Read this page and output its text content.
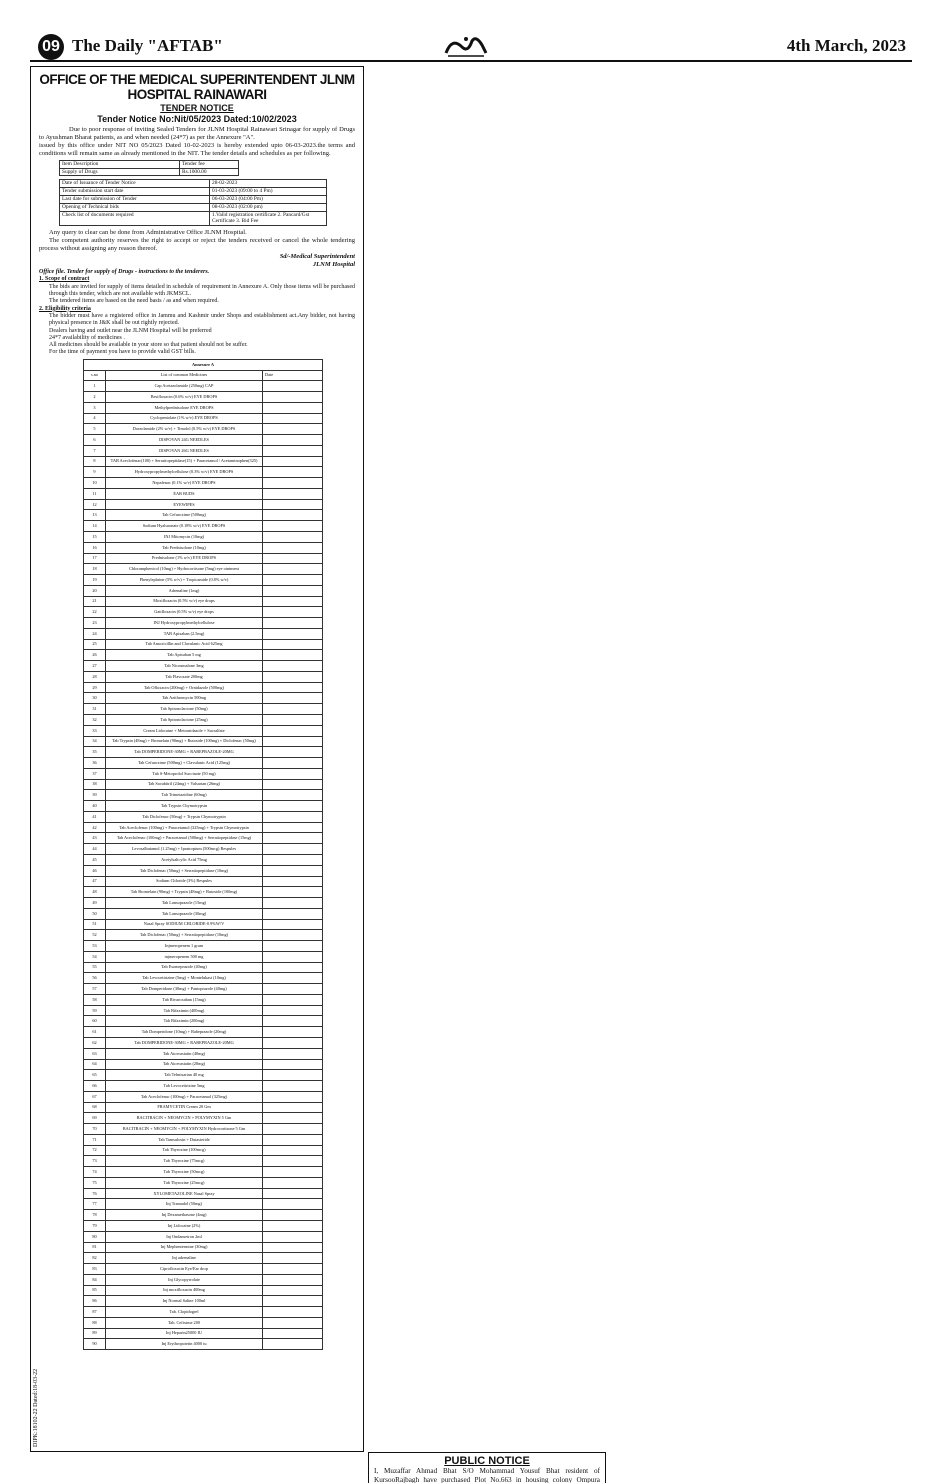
09 The Daily "AFTAB"	4th March, 2023
OFFICE OF THE MEDICAL SUPERINTENDENT JLNM HOSPITAL RAINAWARI
TENDER NOTICE
Tender Notice No:Nit/05/2023 Dated:10/02/2023
Due to poor response of inviting Sealed Tenders for JLNM Hospital Rainawari Srinagar for supply of Drugs to Ayushman Bharat patients, as and when needed (24*7) as per the Annexure "A".
issued by this office under NIT NO 05/2023 Dated 10-02-2023 is hereby extended upto 06-03-2023.the terms and conditions will remain same as already mentioned in the NIT. The tender details and schedules as per following.
Item Description	Tender fee
Supply of Drugs	Rs.1000.00
Date of Issuance of Tender Notice	28-02-2023
Tender submission start date	01-03-2023 (09:00 to 4 Pm)
Last date for submission of Tender	06-03-2023 (04:00 Pm)
Opening of Technical bids	08-03-2023 (02:00 pm)
Check list of documents required	1.Valid registration certificate 2. Pancard/Gst Certificate 3. Bid Fee
Any query to clear can be done from Administrative Office JLNM Hospital.
The competent authority reserves the right to accept or reject the tenders received or cancel the whole tendering process without assigning any reason thereof.
Sd/-Medical Superintendent
JLNM Hospital
Office file. Tender for supply of Drugs - instructions to the tenderers.
1. Scope of contract
The bids are invited for supply of items detailed in schedule of requirement in Annexure A. Only those items will be purchased through this tender, which are not available with JKMSCL.
The tendered items are based on the need basis / as and when required.
2. Eligibility criteria
The bidder must have a registered office in Jammu and Kashmir under Shops and establishment act.Any bidder, not having physical presence in J&K shall be out rightly rejected.
Dealers having and outlet near the JLNM Hospital will be preferred
24*7 availability of medicines .
All medicines should be available in your store so that patient should not be suffer.
For the time of payment you have to provide valid GST bills.
Annexure A		
s.no	List of common Medicines	Date
1	Cap Acetazolamide (250mg) CAP	
2	Besifloxacin (0.6% w/v) EYE DROPS	
3	Methylprednisolone EYE DROPS	
4	Cyclopentolate (1% w/v) EYE DROPS	
5	Dorzolamide (2% w/v) + Timolol (0.5% w/v) EYE DROPS	
6	DISPOVAN 24G NEEDLES	
7	DISPOVAN 26G NEEDLES	
8	TAB Aceclofenac(100) + Serratiopeptidase(15) + Paracetamol / Acetaminophen(325)	
9	Hydroxypropylmethylcellulose (0.3% w/v) EYE DROPS	
10	Nepafenac (0.1% w/v) EYE DROPS	
11	EAR BUDS	
12	EYEWIPES	
13	Tab Cefuroxime (500mg)	
14	Sodium Hyaluronate (0.18% w/v) EYE DROPS	
15	INJ Mitomycin (10mg)	
16	Tab Prednisolone (10mg)	
17	Prednisolone (1% w/v) EYE DROPS	
18	Chloramphenicol (10mg) + Hydrocortisone (5mg) eye ointment	
19	Phenylephrine (5% w/v) + Tropicamide (0.8% w/v)	
20	Adrenaline (1mg)	
21	Moxifloxacin (0.5% w/v) eye drops	
22	Gatifloxacin (0.5% w/v) eye drops	
23	INJ Hydroxypropylmethylcellulose	
24	TAB Apixaban (2.5mg)	
25	Tab Amoxicillin and Clavulanic Acid 625mg	
26	Tab Apixaban 5 mg	
27	Tab Nicoumalone 3mg	
28	Tab Flavoxate 200mg	
29	Tab Ofloxacin (200mg) + Ornidazole (500mg)	
30	Tab Azithromycin 500mg	
31	Tab Spironolactone (50mg)	
32	Tab Spironolactone (25mg)	
33	Cream Lidocaine + Metronidazole + Sucralfate	
34	Tab Trypsin (48mg) + Bromelain (90mg) + Rutoside (100mg) + Diclofenac (50mg)	
35	Tab DOMPERIDONE-30MG + RABEPRAZOLE-20MG	
36	Tab Cefuroxime (500mg) + Clavulanic Acid (125mg)	
37	Tab S-Metoprolol Succinate (50 mg)	
38	Tab Sacubitril (24mg) + Valsartan (26mg)	
39	Tab Trimetazidine (60mg)	
40	Tab Trypsin Chymotrypsin	
41	Tab Diclofenac (50mg) + Trypsin Chymotrypsin	
42	Tab Aceclofenac (100mg) + Paracetamol (325mg) + Trypsin Chymotrypsin	
43	Tab Aceclofenac (100mg) + Paracetamol (500mg) + Serratiopeptidase (15mg)	
44	Levosalbutamol (1.25mg) + Ipratropium (500mcg) Respules	
45	Acetylsalicylic Acid 75mg	
46	Tab Diclofenac (50mg) + Serratiopeptidase (10mg)	
47	Sodium Chloride (3%) Respules	
48	Tab Bromelain (90mg) + Trypsin (48mg) + Rutoside (100mg)	
49	Tab Lansoprazole (15mg)	
50	Tab Lansoprazole (30mg)	
51	Nasal Spray SODIUM CHLORIDE-0.9%W/V	
52	Tab Diclofenac (50mg) + Serratiopeptidase (10mg)	
53	Injmeropenem 1 gram	
54	injmeropenem 500 mg	
55	Tab Esomeprazole (40mg)	
56	Tab Levocetirizine (5mg) + Montelukast (10mg)	
57	Tab Domperidone (30mg) + Pantoprazole (40mg)	
58	Tab Rivaroxaban (15mg)	
59	Tab Rifaximin (400mg)	
60	Tab Rifaximin (200mg)	
61	Tab Domperidone (10mg) + Rabeprazole (20mg)	
62	Tab DOMPERIDONE-30MG + RABEPRAZOLE-20MG	
63	Tab Atorvastatin (40mg)	
64	Tab Atorvastatin (20mg)	
65	Tab Telmisartan 40 mg	
66	Tab Levocetirizine 5mg	
67	Tab Aceclofenac (100mg) + Paracetamol (325mg)	
68	FRAMYCETIN Cream 20 Gm	
69	BACITRACIN + NEOMYCIN + POLYMYXIN 5 Gm	
70	BACITRACIN + NEOMYCIN + POLYMYXIN Hydrocortisone 5 Gm	
71	Tab Tamsulosin + Dutasteride	
72	Tab Thyroxine (100mcg)	
73	Tab Thyroxine (75mcg)	
74	Tab Thyroxine (50mcg)	
75	Tab Thyroxine (25mcg)	
76	XYLOMETAZOLINE Nasal Spray	
77	Inj Tramadol (50mg)	
78	Inj Dexamethasone (4mg)	
79	Inj Lidocaine (2%)	
80	Inj Ondansetron 2ml	
81	Inj Mephentermine (30mg)	
82	Inj adrenaline	
83	Ciprofloxacin Eye/Ear drop	
84	Inj Glycopyrrolate	
85	Inj moxifloxacin 400mg	
86	Inj Normal Saline 100ml	
87	Tab. Clopidogrel	
88	Tab. Cefixime 200	
89	Inj Heparin25000 IU	
90	Inj Erythropoietin 4000 iu	
DIPK:18102-22 Dated:18-03-22
PUBLIC NOTICE
I, Muzaffar Ahmad Bhat S/O Mohammad Yousuf Bhat resident of KursooRajbagh have purchased Plot No.663 in housing colony Ompura
